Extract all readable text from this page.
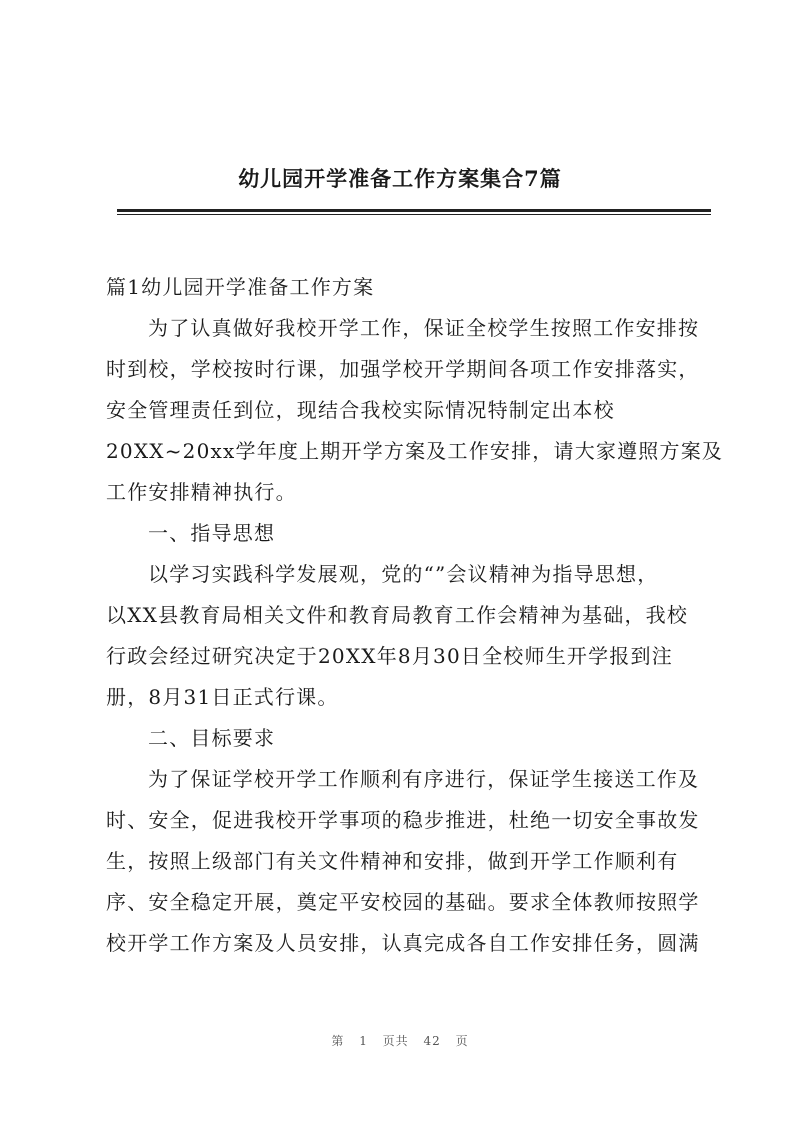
幼儿园开学准备工作方案集合7篇
篇1幼儿园开学准备工作方案
为了认真做好我校开学工作，保证全校学生按照工作安排按
时到校，学校按时行课，加强学校开学期间各项工作安排落实，
安全管理责任到位，现结合我校实际情况特制定出本校
20XX~20xx学年度上期开学方案及工作安排，请大家遵照方案及
工作安排精神执行。
一、指导思想
以学习实践科学发展观，党的“”会议精神为指导思想，
以XX县教育局相关文件和教育局教育工作会精神为基础，我校
行政会经过研究决定于20XX年8月30日全校师生开学报到注
册，8月31日正式行课。
二、目标要求
为了保证学校开学工作顺利有序进行，保证学生接送工作及
时、安全，促进我校开学事项的稳步推进，杜绝一切安全事故发
生，按照上级部门有关文件精神和安排，做到开学工作顺利有
序、安全稳定开展，奠定平安校园的基础。要求全体教师按照学
校开学工作方案及人员安排，认真完成各自工作安排任务，圆满
第 1 页共 42 页
